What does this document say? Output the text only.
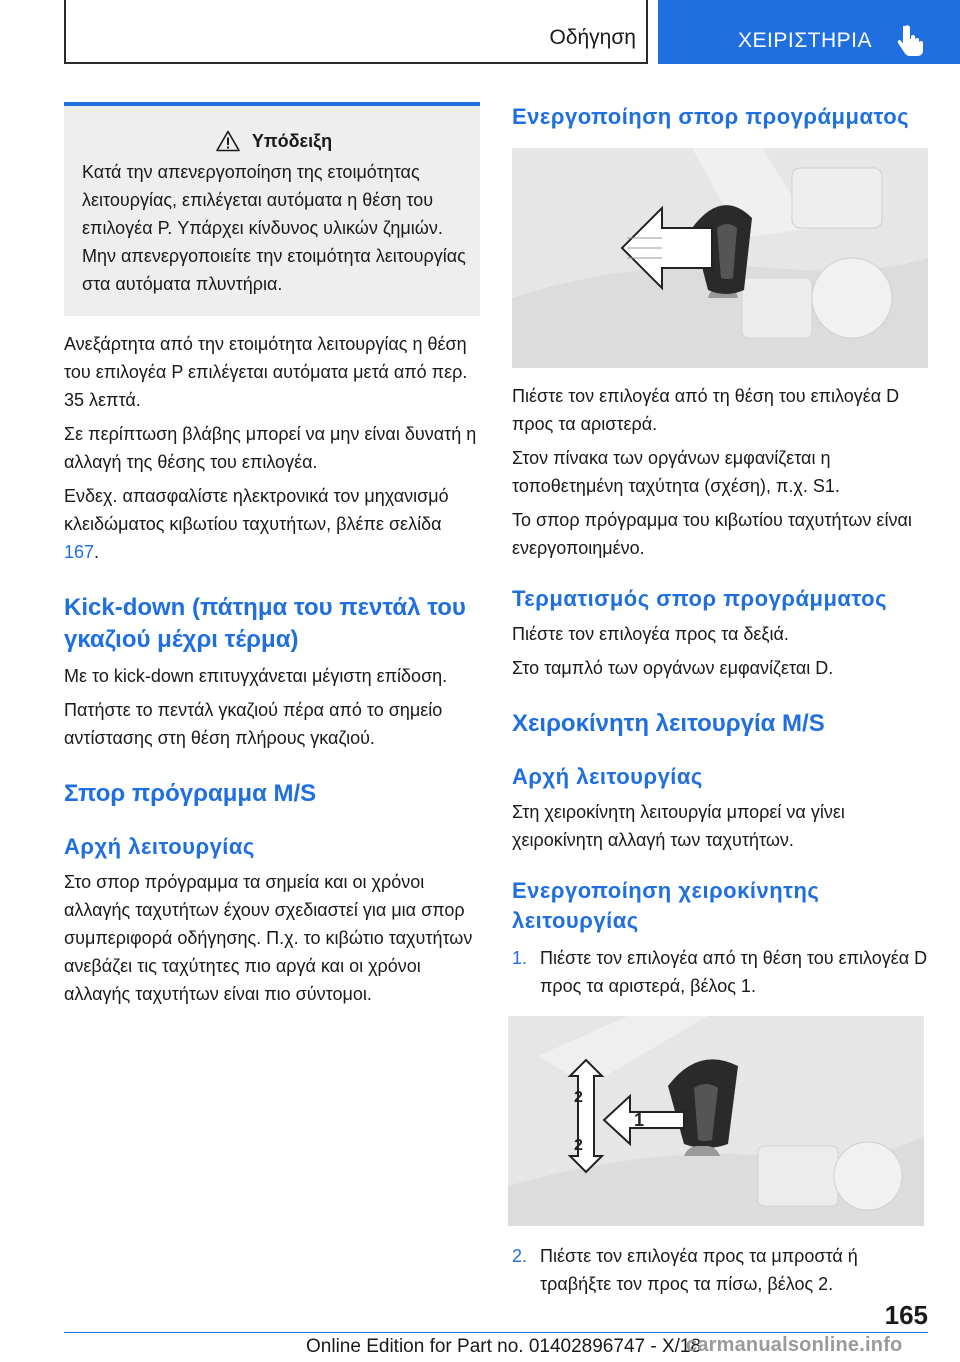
Οδήγηση	ΧΕΙΡΙΣΤΗΡΙΑ
Υπόδειξη
Κατά την απενεργοποίηση της ετοιμότητας λειτουργίας, επιλέγεται αυτόματα η θέση του επιλογέα P. Υπάρχει κίνδυνος υλικών ζημιών. Μην απενεργοποιείτε την ετοιμότητα λειτουργίας στα αυτόματα πλυντήρια.

Ανεξάρτητα από την ετοιμότητα λειτουργίας η θέση του επιλογέα P επιλέγεται αυτόματα μετά από περ. 35 λεπτά.

Σε περίπτωση βλάβης μπορεί να μην είναι δυνατή η αλλαγή της θέσης του επιλογέα.

Ενδεχ. απασφαλίστε ηλεκτρονικά τον μηχανισμό κλειδώματος κιβωτίου ταχυτήτων, βλέπε σελίδα 167.

Kick-down (πάτημα του πεντάλ του γκαζιού μέχρι τέρμα)

Με το kick-down επιτυγχάνεται μέγιστη επίδοση.

Πατήστε το πεντάλ γκαζιού πέρα από το σημείο αντίστασης στη θέση πλήρους γκαζιού.

Σπορ πρόγραμμα M/S
Αρχή λειτουργίας

Στο σπορ πρόγραμμα τα σημεία και οι χρόνοι αλλαγής ταχυτήτων έχουν σχεδιαστεί για μια σπορ συμπεριφορά οδήγησης. Π.χ. το κιβώτιο ταχυτήτων ανεβάζει τις ταχύτητες πιο αργά και οι χρόνοι αλλαγής ταχυτήτων είναι πιο σύντομοι.

Ενεργοποίηση σπορ προγράμματος

Πιέστε τον επιλογέα από τη θέση του επιλογέα D προς τα αριστερά.

Στον πίνακα των οργάνων εμφανίζεται η τοποθετημένη ταχύτητα (σχέση), π.χ. S1.

Το σπορ πρόγραμμα του κιβωτίου ταχυτήτων είναι ενεργοποιημένο.

Τερματισμός σπορ προγράμματος

Πιέστε τον επιλογέα προς τα δεξιά.

Στο ταμπλό των οργάνων εμφανίζεται D.

Χειροκίνητη λειτουργία M/S
Αρχή λειτουργίας

Στη χειροκίνητη λειτουργία μπορεί να γίνει χειροκίνητη αλλαγή των ταχυτήτων.

Ενεργοποίηση χειροκίνητης λειτουργίας
1. Πιέστε τον επιλογέα από τη θέση του επιλογέα D προς τα αριστερά, βέλος 1.
1
2
2
2. Πιέστε τον επιλογέα προς τα μπροστά ή τραβήξτε τον προς τα πίσω, βέλος 2.
165
Online Edition for Part no. 01402896747 - X/18
carmanualsonline.info
